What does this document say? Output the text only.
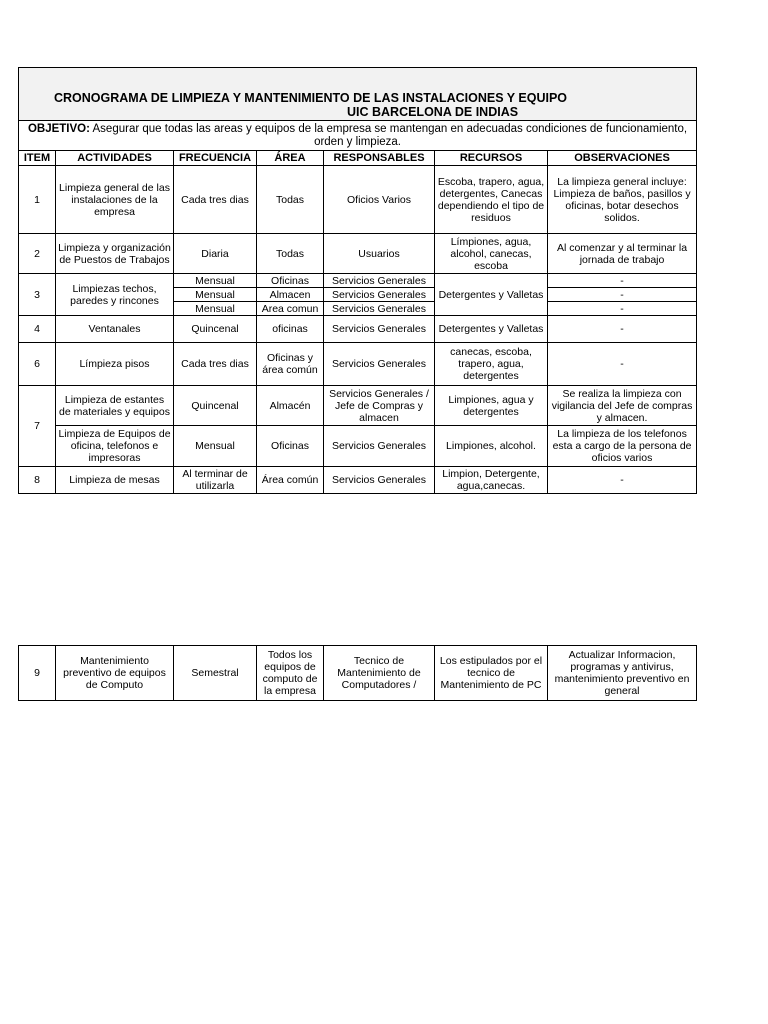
CRONOGRAMA DE LIMPIEZA Y MANTENIMIENTO DE LAS INSTALACIONES Y EQUIPO
UIC BARCELONA DE INDIAS						

OBJETIVO: Asegurar que todas las areas y equipos de la empresa se mantengan en adecuadas condiciones de funcionamiento, orden y limpieza.						
ITEM	ACTIVIDADES	FRECUENCIA	ÁREA	RESPONSABLES	RECURSOS	OBSERVACIONES
1	Limpieza general de las instalaciones de la empresa	Cada tres dias	Todas	Oficios Varios	Escoba, trapero, agua, detergentes, Canecas dependiendo el tipo de residuos	La limpieza general incluye: Limpieza de baños, pasillos y oficinas, botar desechos solidos.
2	Limpieza y organización de Puestos de Trabajos	Diaria	Todas	Usuarios	Límpiones, agua, alcohol, canecas, escoba	Al comenzar y al terminar la jornada de trabajo
3	Limpiezas techos, paredes y rincones	Mensual	Oficinas	Servicios Generales	Detergentes y Valletas	-
		Mensual	Almacen	Servicios Generales		-
		Mensual	Area comun	Servicios Generales		-
4	Ventanales	Quincenal	oficinas	Servicios Generales	Detergentes y Valletas	-
6	Límpieza pisos	Cada tres dias	Oficinas y área común	Servicios Generales	canecas, escoba, trapero, agua, detergentes	-
7	Limpieza de estantes de materiales y equipos	Quincenal	Almacén	Servicios Generales / Jefe de Compras y almacen	Limpiones, agua y detergentes	Se realiza la limpieza con vigilancia del Jefe de compras y almacen.
	Limpieza de Equipos de oficina, telefonos e impresoras	Mensual	Oficinas	Servicios Generales	Limpiones, alcohol.	La limpieza de los telefonos esta a cargo de la persona de oficios varios
8	Limpieza de mesas	Al terminar de utilizarla	Área común	Servicios Generales	Limpion, Detergente, agua,canecas.	-
9	Mantenimiento preventivo de equipos de Computo	Semestral	Todos los equipos de computo de la empresa	Tecnico de Mantenimiento de Computadores /	Los estipulados por el tecnico de Mantenimiento de PC	Actualizar Informacion, programas y antivirus, mantenimiento preventivo en general
